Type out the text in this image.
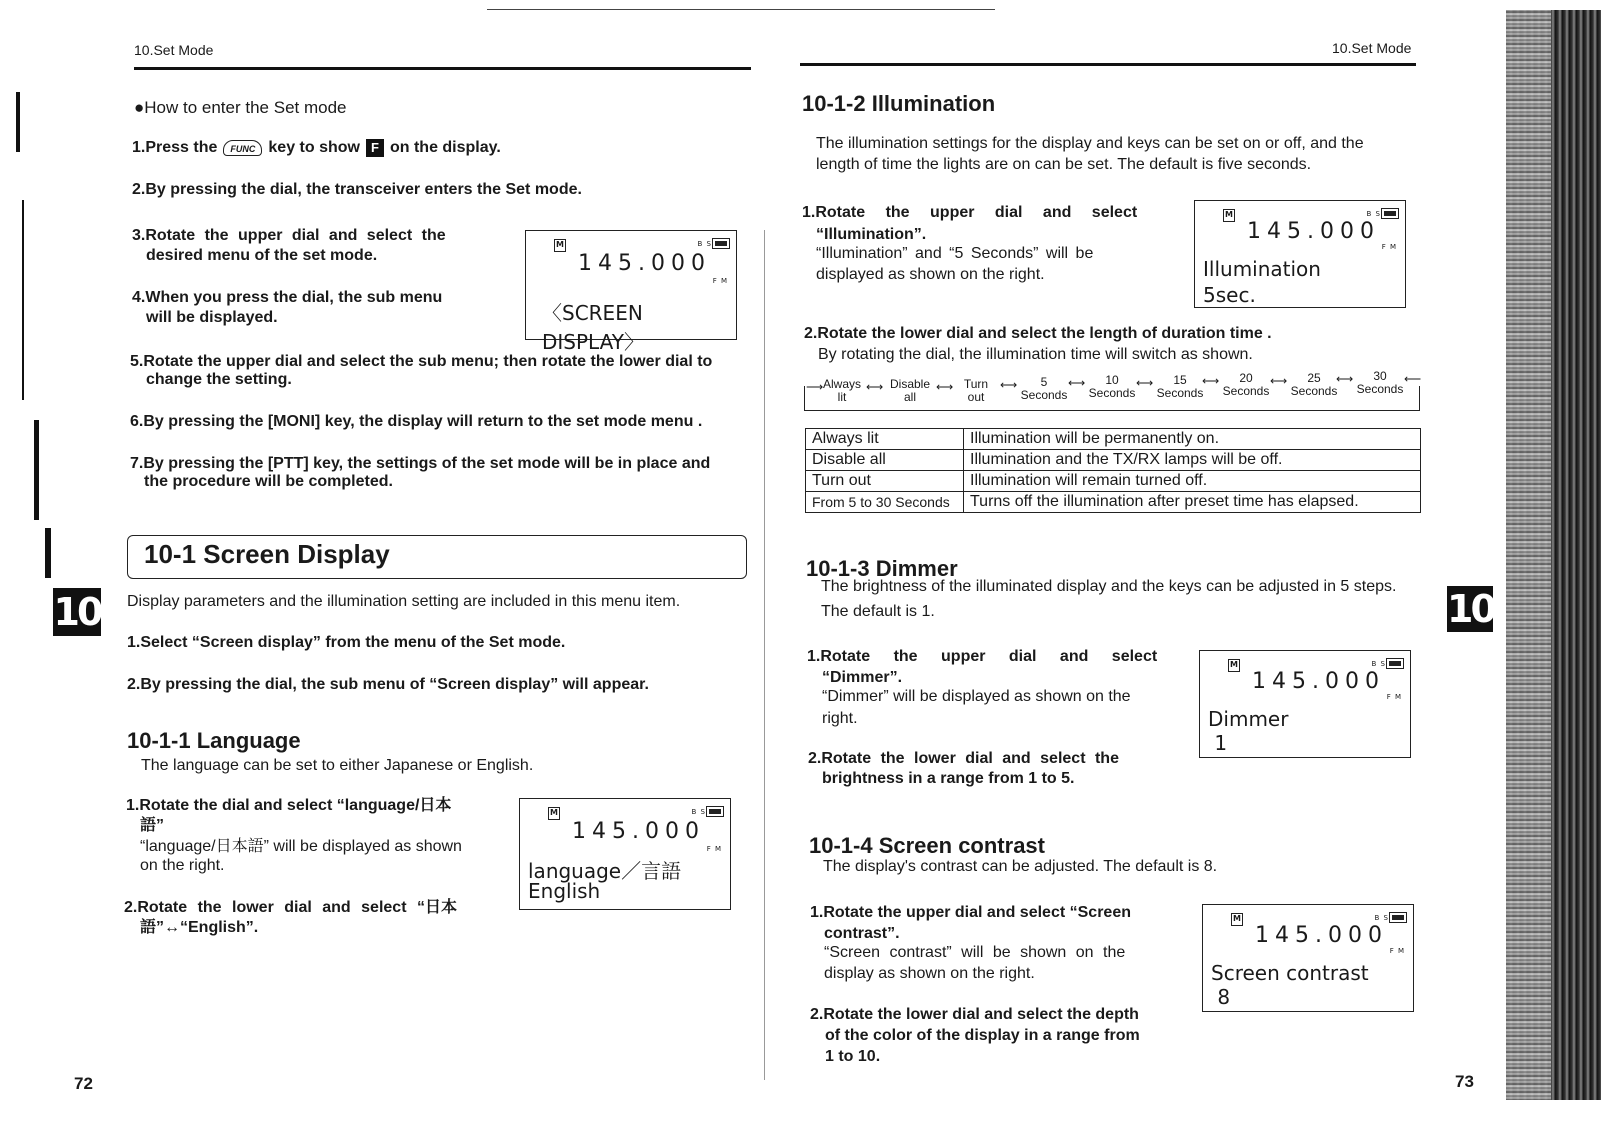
10.Set Mode
●How to enter the Set mode
1.Press the	FUNC key to show F on the display.
2.By pressing the dial, the transceiver enters the Set mode.
3.Rotate the upper dial and select the
desired menu of the set mode.
4.When you press the dial, the sub menu
will be displayed.
M	B S
145.000
F M
〈SCREEN DISPLAY〉
5.Rotate the upper dial and select the sub menu; then rotate the lower dial to
change the setting.
6.By pressing the [MONI] key, the display will return to the set mode menu .
7.By pressing the [PTT] key, the settings of the set mode will be in place and
the procedure will be completed.
10-1 Screen Display
10 Display parameters and the illumination setting are included in this menu item.
1.Select “Screen display” from the menu of the Set mode.
2.By pressing the dial, the sub menu of “Screen display” will appear.
10-1-1 Language
The language can be set to either Japanese or English.
1.Rotate the dial and select “language/日本
語”
“language/日本語” will be displayed as shown
on the right.
2.Rotate the lower dial and select “日本
語”↔“English”.
M	B S
145.000
F M
language／言語
English
72
10.Set Mode
10-1-2 Illumination
The illumination settings for the display and keys can be set on or off, and the
length of time the lights are on can be set. The default is five seconds.
1.Rotate the upper dial and select
“Illumination”.
“Illumination” and “5 Seconds” will be
displayed as shown on the right.
M	B S
145.000
F M
Illumination
5sec.
2.Rotate the lower dial and select the length of duration time .
By rotating the dial, the illumination time will switch as shown.
Always
lit
Disable
all
Turn
out
5
Seconds
10
Seconds
15
Seconds
20
Seconds
25
Seconds
30
Seconds
⟶	⟷	⟷	⟷	⟷	⟷	⟷	⟷	⟷	⟵
Always lit	Illumination will be permanently on.
Disable all	Illumination and the TX/RX lamps will be off.
Turn out	Illumination will remain turned off.
From 5 to 30 Seconds	Turns off the illumination after preset time has elapsed.
10-1-3 Dimmer
The brightness of the illuminated display and the keys can be adjusted in 5 steps.
The default is 1.	10
1.Rotate the upper dial and select
“Dimmer”.
“Dimmer” will be displayed as shown on the
right.
2.Rotate the lower dial and select the
brightness in a range from 1 to 5.
M	B S
145.000
F M
Dimmer
1
10-1-4 Screen contrast
The display's contrast can be adjusted. The default is 8.
1.Rotate the upper dial and select “Screen
contrast”.
“Screen contrast” will be shown on the
display as shown on the right.
2.Rotate the lower dial and select the depth
of the color of the display in a range from
1 to 10.
M	B S
145.000
F M
Screen contrast
8
73
